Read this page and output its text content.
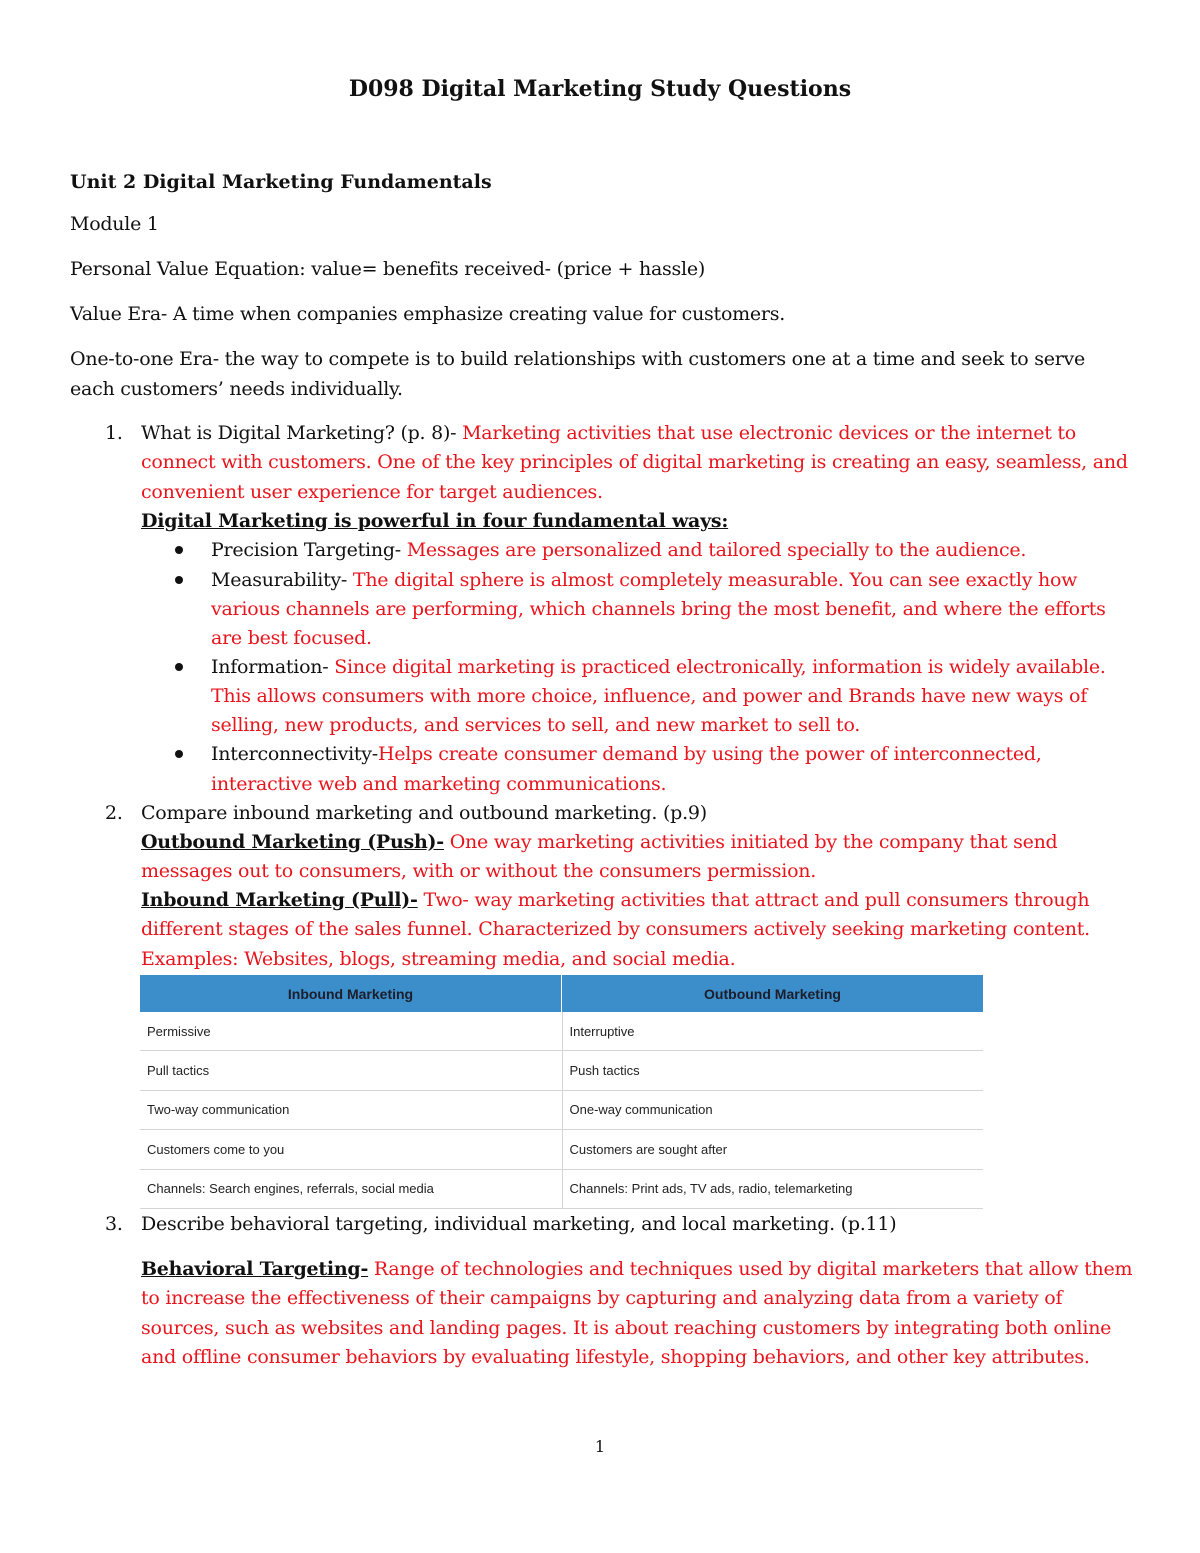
D098 Digital Marketing Study Questions
Unit 2 Digital Marketing Fundamentals
Module 1
Personal Value Equation: value= benefits received- (price + hassle)
Value Era- A time when companies emphasize creating value for customers.
One-to-one Era- the way to compete is to build relationships with customers one at a time and seek to serve
each customers’ needs individually.
1. What is Digital Marketing? (p. 8)- Marketing activities that use electronic devices or the internet to
connect with customers. One of the key principles of digital marketing is creating an easy, seamless, and
convenient user experience for target audiences.
Digital Marketing is powerful in four fundamental ways:
Precision Targeting- Messages are personalized and tailored specially to the audience.
Measurability- The digital sphere is almost completely measurable. You can see exactly how
various channels are performing, which channels bring the most benefit, and where the efforts
are best focused.
Information- Since digital marketing is practiced electronically, information is widely available.
This allows consumers with more choice, influence, and power and Brands have new ways of
selling, new products, and services to sell, and new market to sell to.
Interconnectivity-Helps create consumer demand by using the power of interconnected,
interactive web and marketing communications.
2. Compare inbound marketing and outbound marketing. (p.9)
Outbound Marketing (Push)- One way marketing activities initiated by the company that send
messages out to consumers, with or without the consumers permission.
Inbound Marketing (Pull)- Two- way marketing activities that attract and pull consumers through
different stages of the sales funnel. Characterized by consumers actively seeking marketing content.
Examples: Websites, blogs, streaming media, and social media.
Inbound Marketing	Outbound Marketing
Permissive	Interruptive
Pull tactics	Push tactics
Two-way communication	One-way communication
Customers come to you	Customers are sought after
Channels: Search engines, referrals, social media	Channels: Print ads, TV ads, radio, telemarketing
3. Describe behavioral targeting, individual marketing, and local marketing. (p.11)
Behavioral Targeting- Range of technologies and techniques used by digital marketers that allow them
to increase the effectiveness of their campaigns by capturing and analyzing data from a variety of
sources, such as websites and landing pages. It is about reaching customers by integrating both online
and offline consumer behaviors by evaluating lifestyle, shopping behaviors, and other key attributes.
1
